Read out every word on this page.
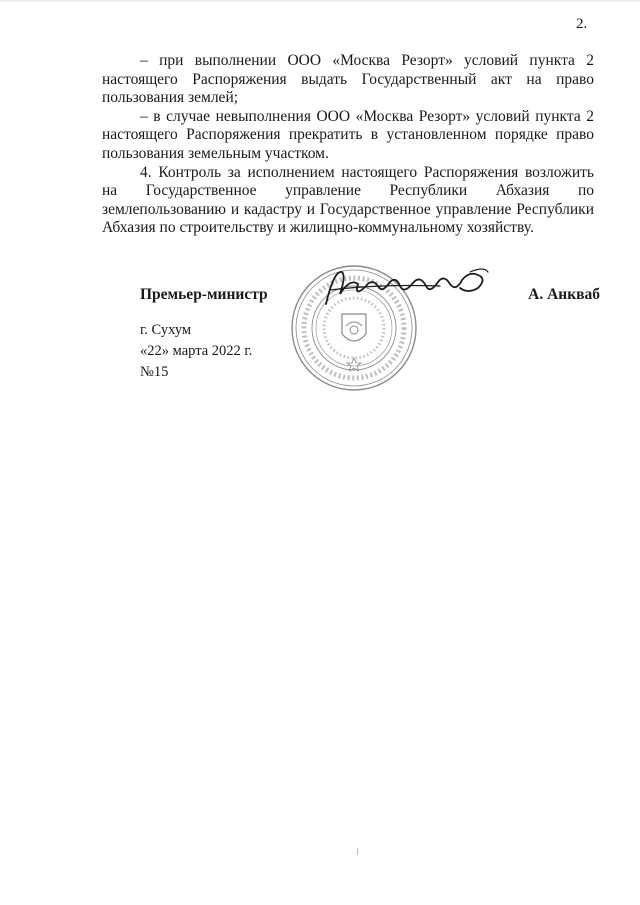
2.

– при выполнении ООО «Москва Резорт» условий пункта 2 настоящего Распоряжения выдать Государственный акт на право пользования землей;

– в случае невыполнения ООО «Москва Резорт» условий пункта 2 настоящего Распоряжения прекратить в установленном порядке право пользования земельным участком.

4. Контроль за исполнением настоящего Распоряжения возложить на Государственное управление Республики Абхазия по землепользованию и кадастру и Государственное управление Республики Абхазия по строительству и жилищно-коммунальному хозяйству.

Премьер-министр	А. Анкваб
г. Сухум
«22» марта 2022 г.
№15
